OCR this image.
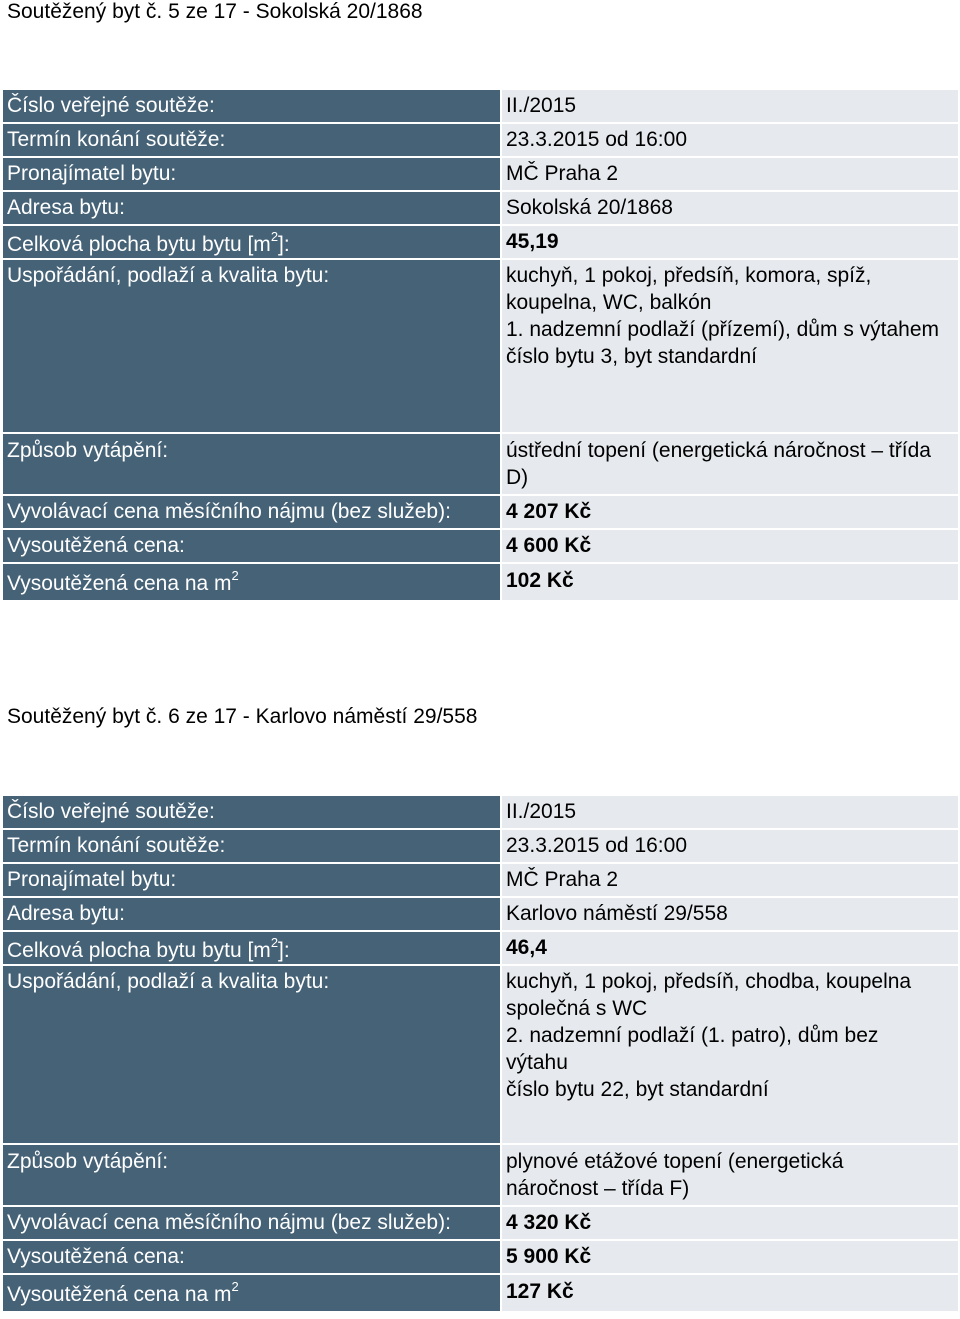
Soutěžený byt č. 5 ze 17 - Sokolská 20/1868
Číslo veřejné soutěže:	II./2015
Termín konání soutěže:	23.3.2015 od 16:00
Pronajímatel bytu:	MČ Praha 2
Adresa bytu:	Sokolská 20/1868
Celková plocha bytu bytu $[m^2]$:	45,19
Uspořádání, podlaží a kvalita bytu:	kuchyň, 1 pokoj, předsíň, komora, spíž,
koupelna, WC, balkón
1. nadzemní podlaží (přízemí), dům s výtahem
číslo bytu 3, byt standardní
Způsob vytápění:	ústřední topení (energetická náročnost – třída
D)
Vyvolávací cena měsíčního nájmu (bez služeb):	4 207 Kč
Vysoutěžená cena:	4 600 Kč
Vysoutěžená cena na $m^2$	102 Kč
Soutěžený byt č. 6 ze 17 - Karlovo náměstí 29/558
Číslo veřejné soutěže:	II./2015
Termín konání soutěže:	23.3.2015 od 16:00
Pronajímatel bytu:	MČ Praha 2
Adresa bytu:	Karlovo náměstí 29/558
Celková plocha bytu bytu $[m^2]$:	46,4
Uspořádání, podlaží a kvalita bytu:	kuchyň, 1 pokoj, předsíň, chodba, koupelna
společná s WC
2. nadzemní podlaží (1. patro), dům bez
výtahu
číslo bytu 22, byt standardní
Způsob vytápění:	plynové etážové topení (energetická
náročnost – třída F)
Vyvolávací cena měsíčního nájmu (bez služeb):	4 320 Kč
Vysoutěžená cena:	5 900 Kč
Vysoutěžená cena na $m^2$	127 Kč
